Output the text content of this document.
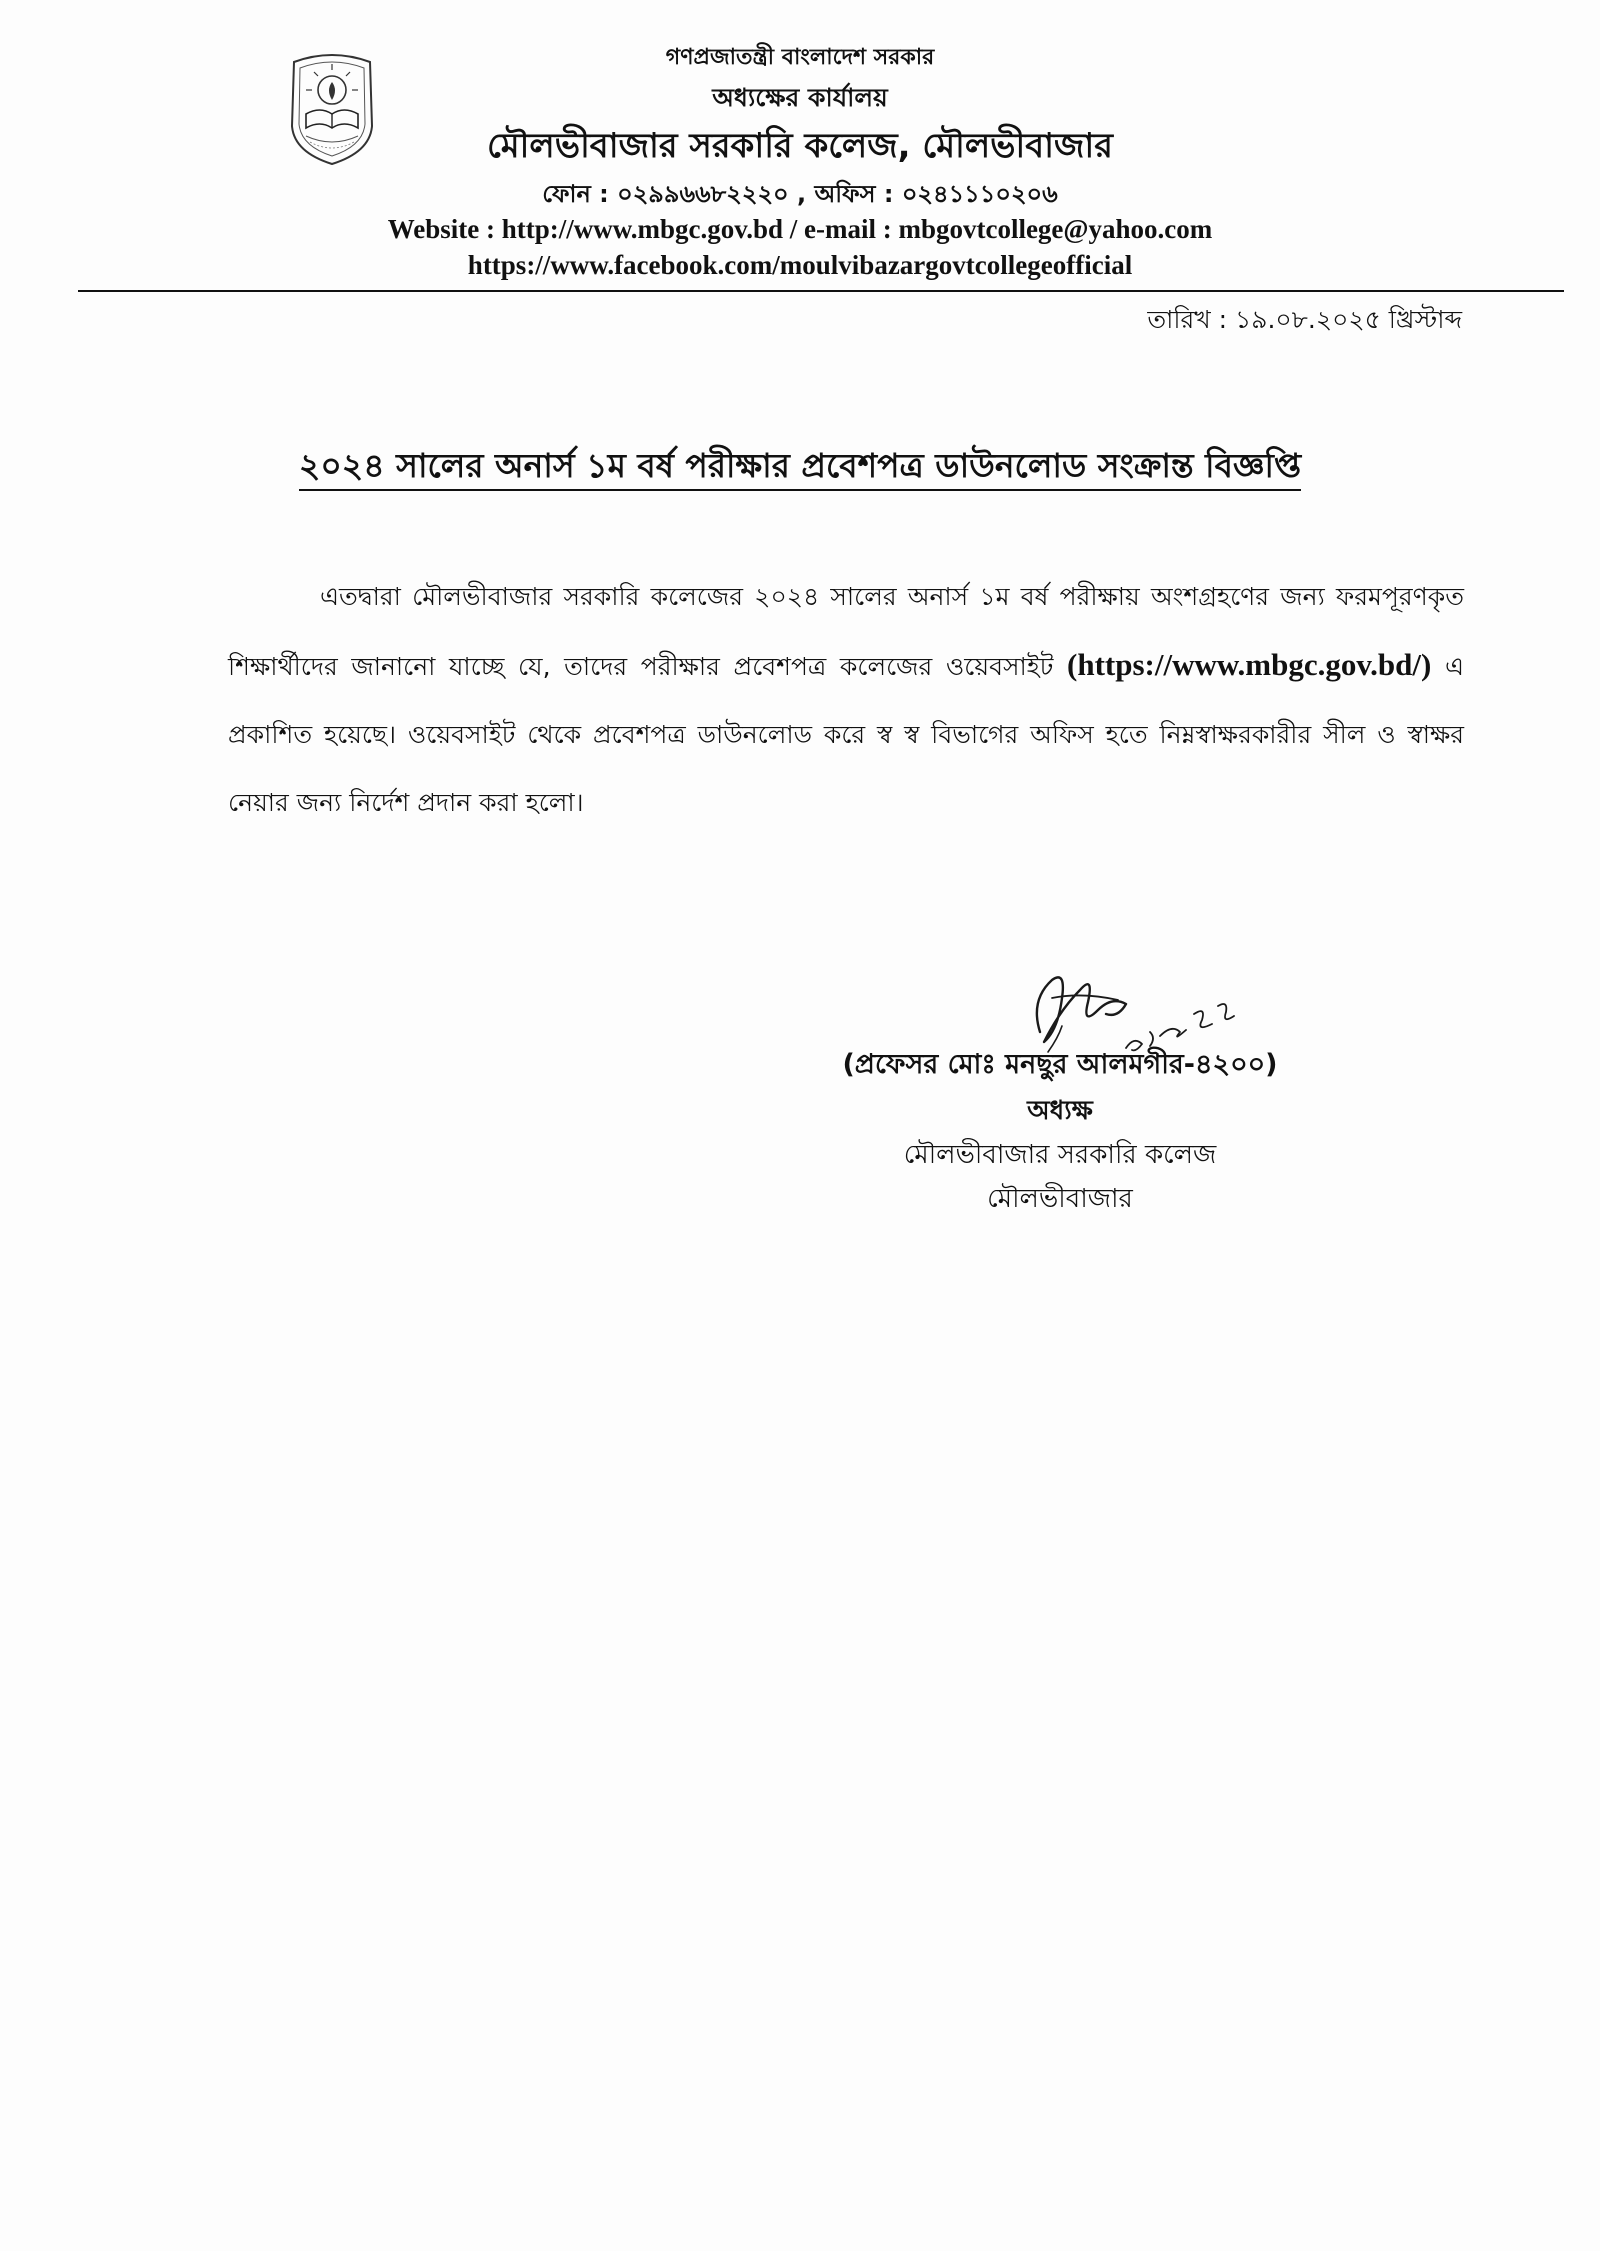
গণপ্রজাতন্ত্রী বাংলাদেশ সরকার
অধ্যক্ষের কার্যালয়
মৌলভীবাজার সরকারি কলেজ, মৌলভীবাজার
ফোন : ০২৯৯৬৬৮২২২০ , অফিস : ০২৪১১১০২০৬
Website : http://www.mbgc.gov.bd / e-mail : mbgovtcollege@yahoo.com
https://www.facebook.com/moulvibazargovtcollegeofficial
তারিখ : ১৯.০৮.২০২৫ খ্রিস্টাব্দ
২০২৪ সালের অনার্স ১ম বর্ষ পরীক্ষার প্রবেশপত্র ডাউনলোড সংক্রান্ত বিজ্ঞপ্তি
এতদ্বারা মৌলভীবাজার সরকারি কলেজের ২০২৪ সালের অনার্স ১ম বর্ষ পরীক্ষায় অংশগ্রহণের জন্য ফরমপূরণকৃত শিক্ষার্থীদের জানানো যাচ্ছে যে, তাদের পরীক্ষার প্রবেশপত্র কলেজের ওয়েবসাইট (https://www.mbgc.gov.bd/) এ প্রকাশিত হয়েছে। ওয়েবসাইট থেকে প্রবেশপত্র ডাউনলোড করে স্ব স্ব বিভাগের অফিস হতে নিম্নস্বাক্ষরকারীর সীল ও স্বাক্ষর নেয়ার জন্য নির্দেশ প্রদান করা হলো।
(প্রফেসর মোঃ মনছুর আলমগীর-৪২০০)
অধ্যক্ষ
মৌলভীবাজার সরকারি কলেজ
মৌলভীবাজার
